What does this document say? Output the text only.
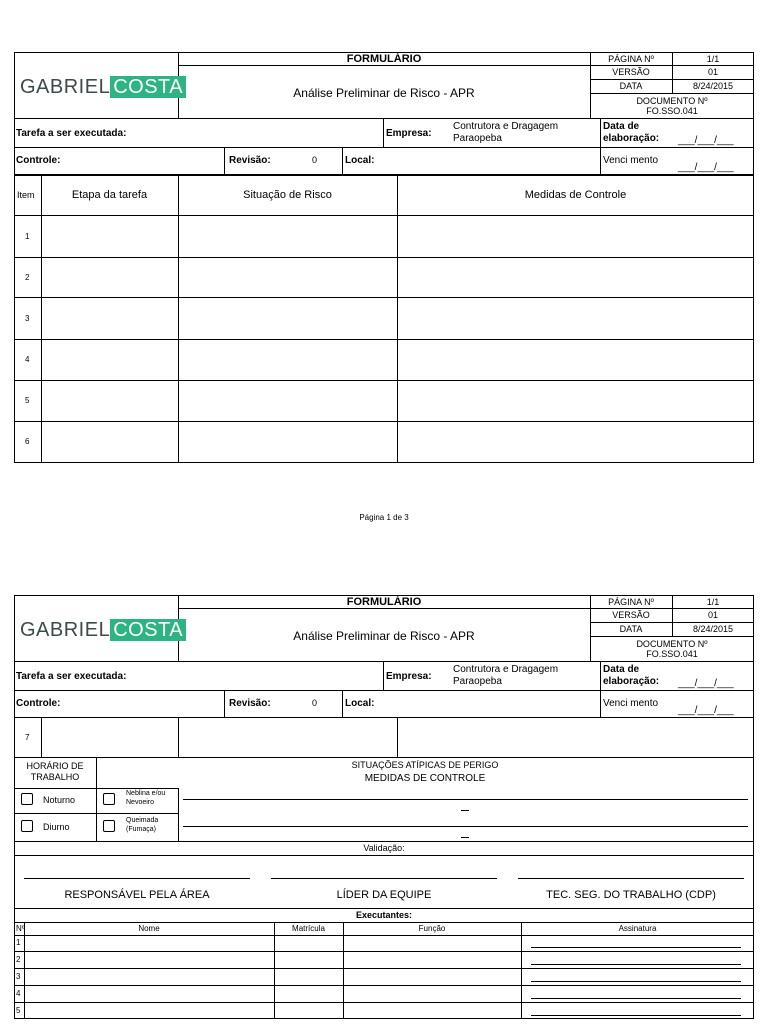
GABRIEL COSTA
FORMULÁRIO
Análise Preliminar de Risco - APR
PÁGINA Nº	1/1
VERSÃO	01
DATA	8/24/2015
DOCUMENTO Nº
FO.SSO.041
Tarefa a ser executada:	Empresa:
Contrutora e Dragagem
Paraopeba
Data de
elaboração: ___/___/___
Controle:	Revisão:	0	Local:	Venci mento
___/___/___
Item	Etapa da tarefa	Situação de Risco	Medidas de Controle
1
2
3
4
5
6
Página 1 de 3
GABRIEL COSTA
FORMULÁRIO
Análise Preliminar de Risco - APR
PÁGINA Nº	1/1
VERSÃO	01
DATA	8/24/2015
DOCUMENTO Nº
FO.SSO.041
Tarefa a ser executada:	Empresa:
Contrutora e Dragagem
Paraopeba
Data de
elaboração: ___/___/___
Controle:	Revisão:	0	Local:	Venci mento
___/___/___
7
HORÁRIO DE
TRABALHO
SITUAÇÕES ATÍPICAS DE PERIGO
MEDIDAS DE CONTROLE
Noturno
Diurno
Neblina e/ou
Nevoeiro
Queimada
(Fumaça)
Validação:
RESPONSÁVEL PELA ÁREA	LÍDER DA EQUIPE	TEC. SEG. DO TRABALHO (CDP)
Executantes:
Nº	Nome	Matrícula	Função	Assinatura
1
2
3
4
5
